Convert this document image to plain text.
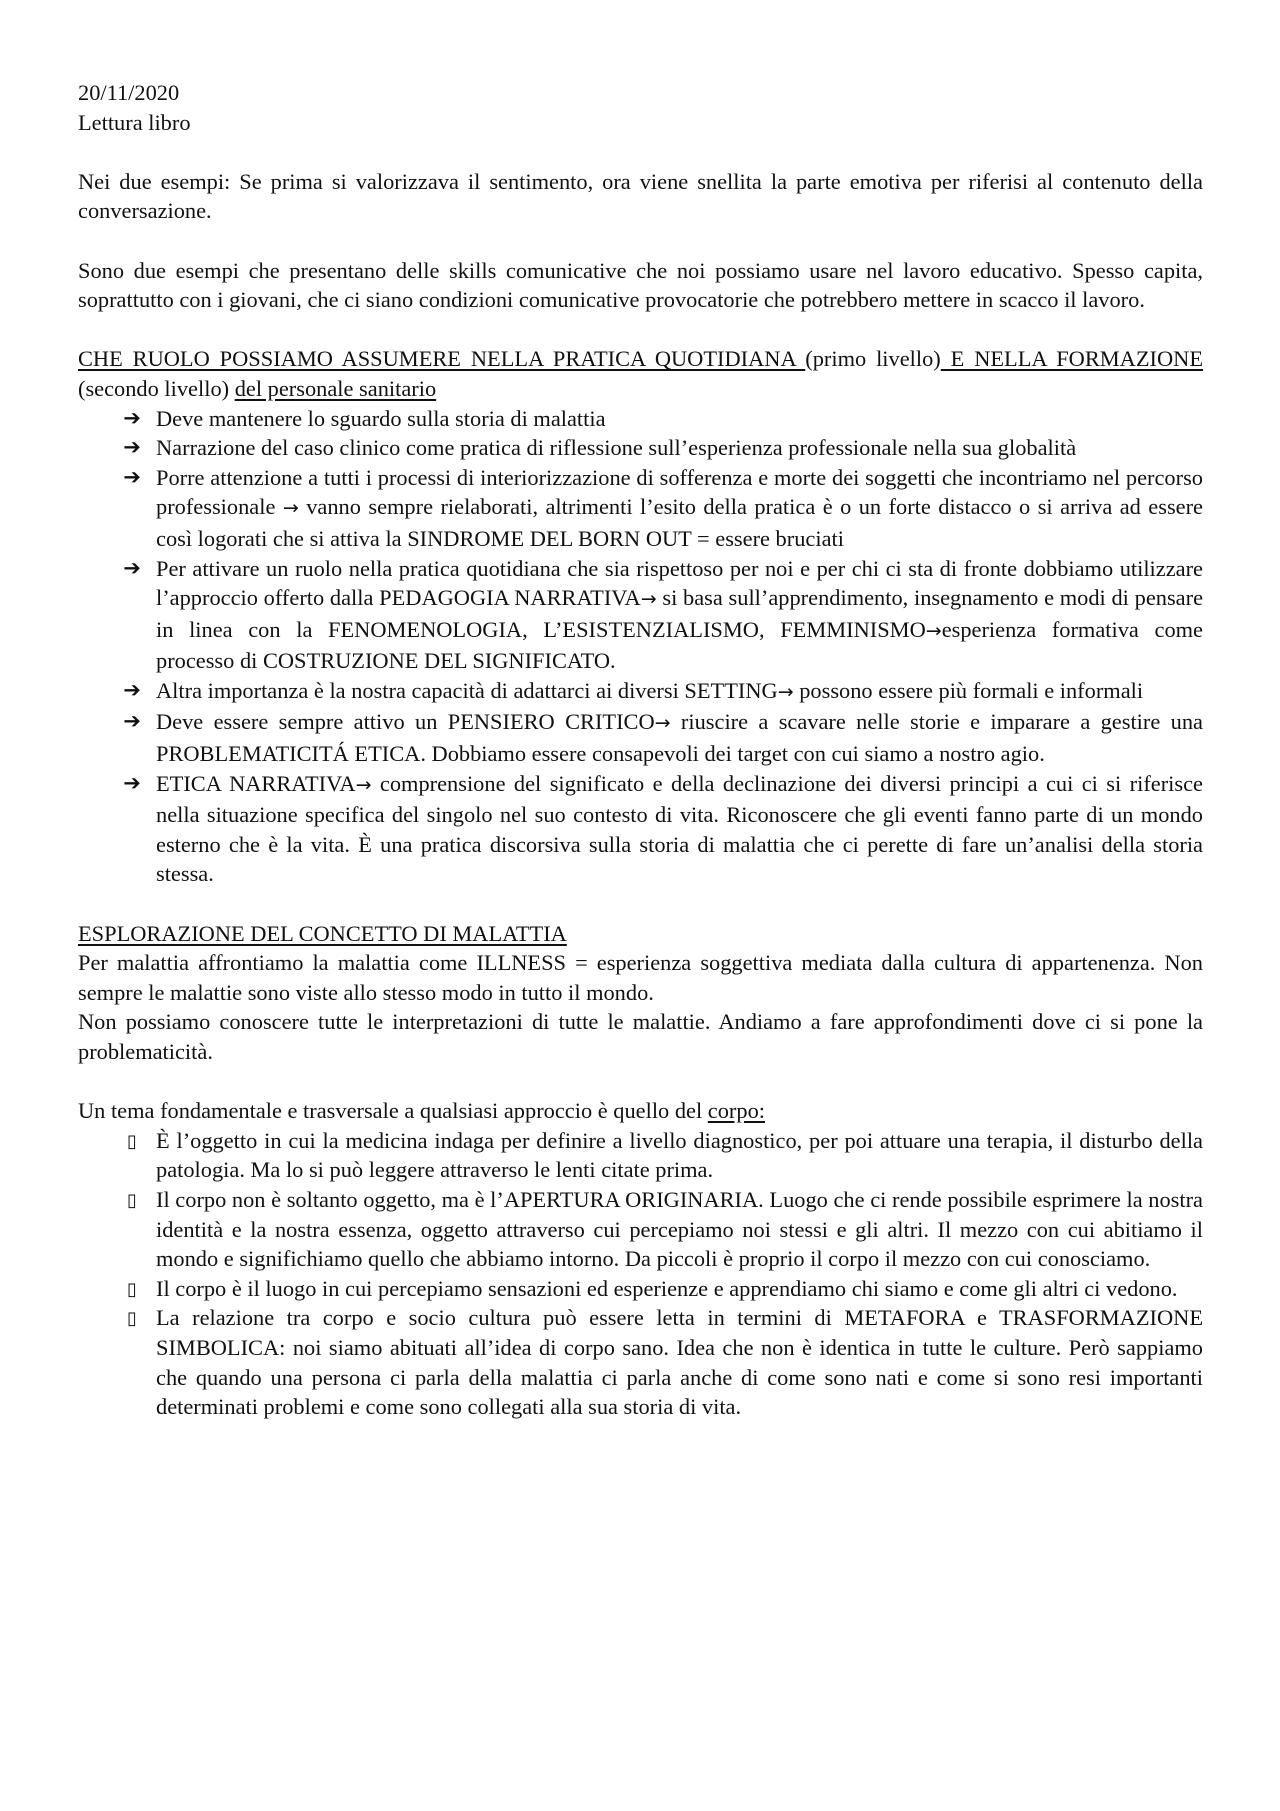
20/11/2020

Lettura libro

Nei due esempi: Se prima si valorizzava il sentimento, ora viene snellita la parte emotiva per riferisi al contenuto della conversazione.

Sono due esempi che presentano delle skills comunicative che noi possiamo usare nel lavoro educativo. Spesso capita, soprattutto con i giovani, che ci siano condizioni comunicative provocatorie che potrebbero mettere in scacco il lavoro.

CHE RUOLO POSSIAMO ASSUMERE NELLA PRATICA QUOTIDIANA (primo livello) E NELLA FORMAZIONE (secondo livello) del personale sanitario

➔ Deve mantenere lo sguardo sulla storia di malattia
➔ Narrazione del caso clinico come pratica di riflessione sull’esperienza professionale nella sua globalità
➔ Porre attenzione a tutti i processi di interiorizzazione di sofferenza e morte dei soggetti che incontriamo nel percorso professionale → vanno sempre rielaborati, altrimenti l’esito della pratica è o un forte distacco o si arriva ad essere così logorati che si attiva la SINDROME DEL BORN OUT = essere bruciati
➔ Per attivare un ruolo nella pratica quotidiana che sia rispettoso per noi e per chi ci sta di fronte dobbiamo utilizzare l’approccio offerto dalla PEDAGOGIA NARRATIVA→ si basa sull’apprendimento, insegnamento e modi di pensare in linea con la FENOMENOLOGIA, L’ESISTENZIALISMO, FEMMINISMO→esperienza formativa come processo di COSTRUZIONE DEL SIGNIFICATO.
➔ Altra importanza è la nostra capacità di adattarci ai diversi SETTING→ possono essere più formali e informali
➔ Deve essere sempre attivo un PENSIERO CRITICO→ riuscire a scavare nelle storie e imparare a gestire una PROBLEMATICITÁ ETICA. Dobbiamo essere consapevoli dei target con cui siamo a nostro agio.
➔ ETICA NARRATIVA→ comprensione del significato e della declinazione dei diversi principi a cui ci si riferisce nella situazione specifica del singolo nel suo contesto di vita. Riconoscere che gli eventi fanno parte di un mondo esterno che è la vita. È una pratica discorsiva sulla storia di malattia che ci perette di fare un’analisi della storia stessa.

ESPLORAZIONE DEL CONCETTO DI MALATTIA

Per malattia affrontiamo la malattia come ILLNESS = esperienza soggettiva mediata dalla cultura di appartenenza. Non sempre le malattie sono viste allo stesso modo in tutto il mondo.

Non possiamo conoscere tutte le interpretazioni di tutte le malattie. Andiamo a fare approfondimenti dove ci si pone la problematicità.

Un tema fondamentale e trasversale a qualsiasi approccio è quello del corpo:

▯ È l’oggetto in cui la medicina indaga per definire a livello diagnostico, per poi attuare una terapia, il disturbo della patologia. Ma lo si può leggere attraverso le lenti citate prima.
▯ Il corpo non è soltanto oggetto, ma è l’APERTURA ORIGINARIA. Luogo che ci rende possibile esprimere la nostra identità e la nostra essenza, oggetto attraverso cui percepiamo noi stessi e gli altri. Il mezzo con cui abitiamo il mondo e significhiamo quello che abbiamo intorno. Da piccoli è proprio il corpo il mezzo con cui conosciamo.
▯ Il corpo è il luogo in cui percepiamo sensazioni ed esperienze e apprendiamo chi siamo e come gli altri ci vedono.
▯ La relazione tra corpo e socio cultura può essere letta in termini di METAFORA e TRASFORMAZIONE SIMBOLICA: noi siamo abituati all’idea di corpo sano. Idea che non è identica in tutte le culture. Però sappiamo che quando una persona ci parla della malattia ci parla anche di come sono nati e come si sono resi importanti determinati problemi e come sono collegati alla sua storia di vita.
